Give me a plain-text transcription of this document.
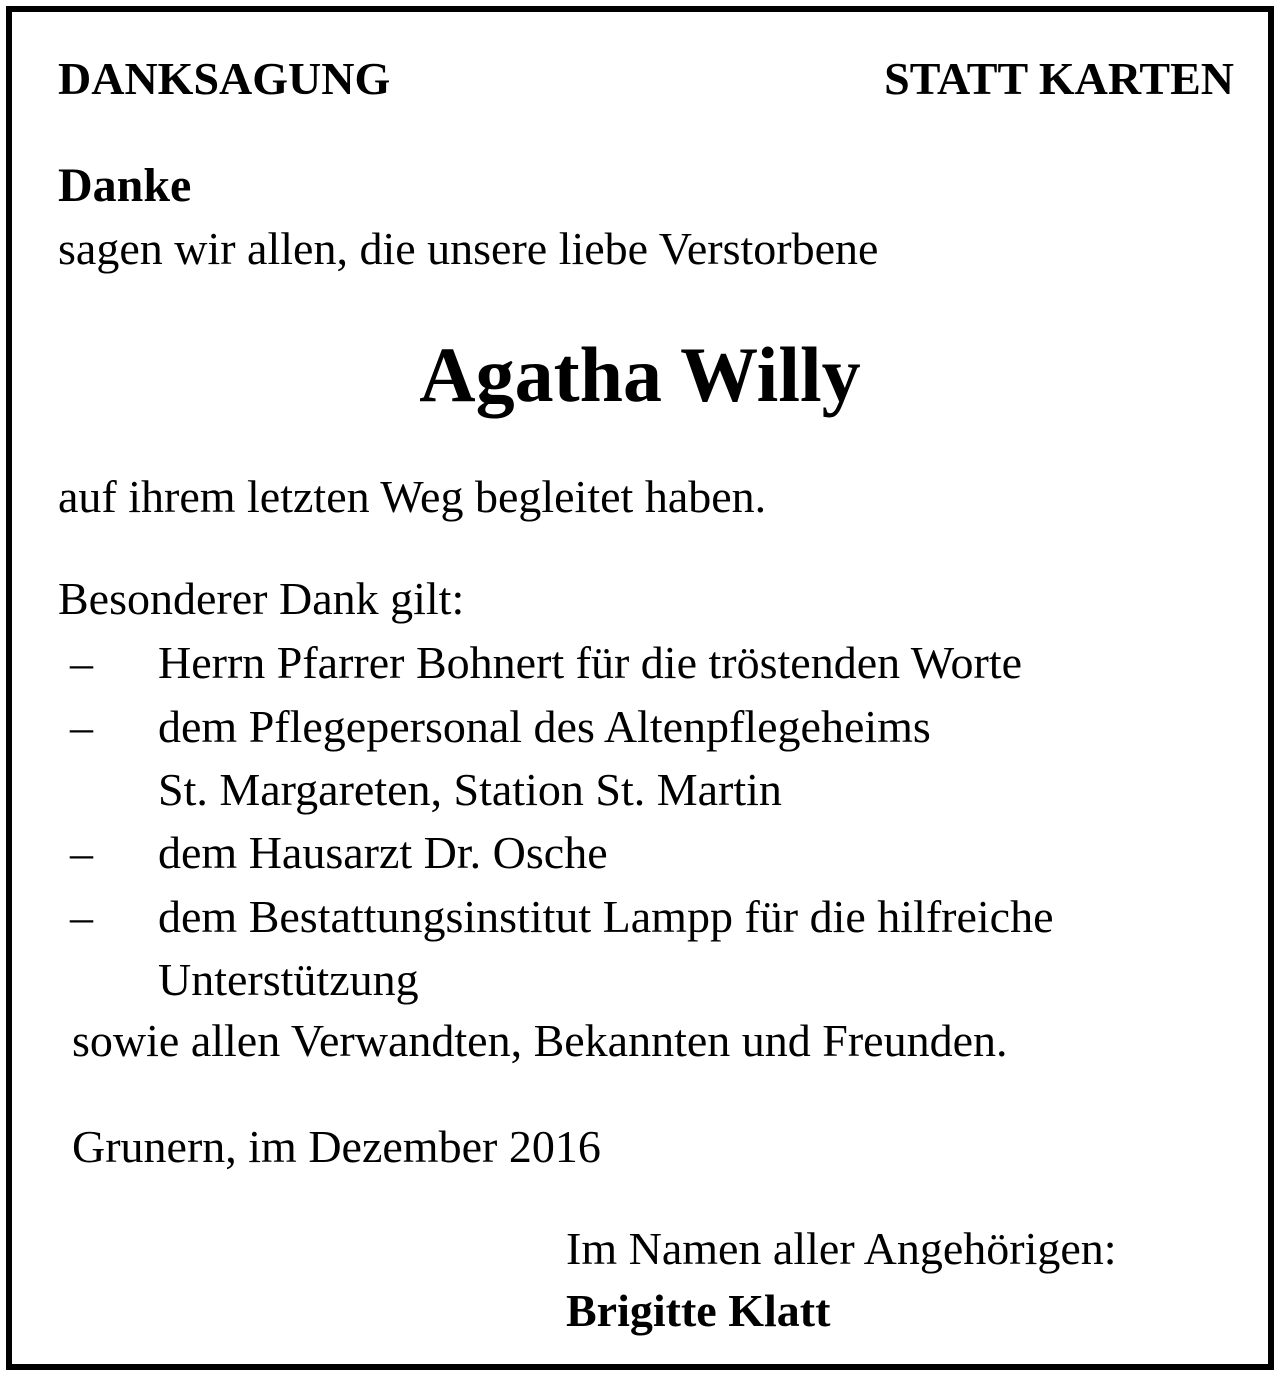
DANKSAGUNG	STATT KARTEN
Danke
sagen wir allen, die unsere liebe Verstorbene
Agatha Willy
auf ihrem letzten Weg begleitet haben.
Besonderer Dank gilt:
– Herrn Pfarrer Bohnert für die tröstenden Worte
– dem Pflegepersonal des Altenpflegeheims
St. Margareten, Station St. Martin
– dem Hausarzt Dr. Osche
– dem Bestattungsinstitut Lampp für die hilfreiche
Unterstützung
sowie allen Verwandten, Bekannten und Freunden.
Grunern, im Dezember 2016
Im Namen aller Angehörigen:
Brigitte Klatt
